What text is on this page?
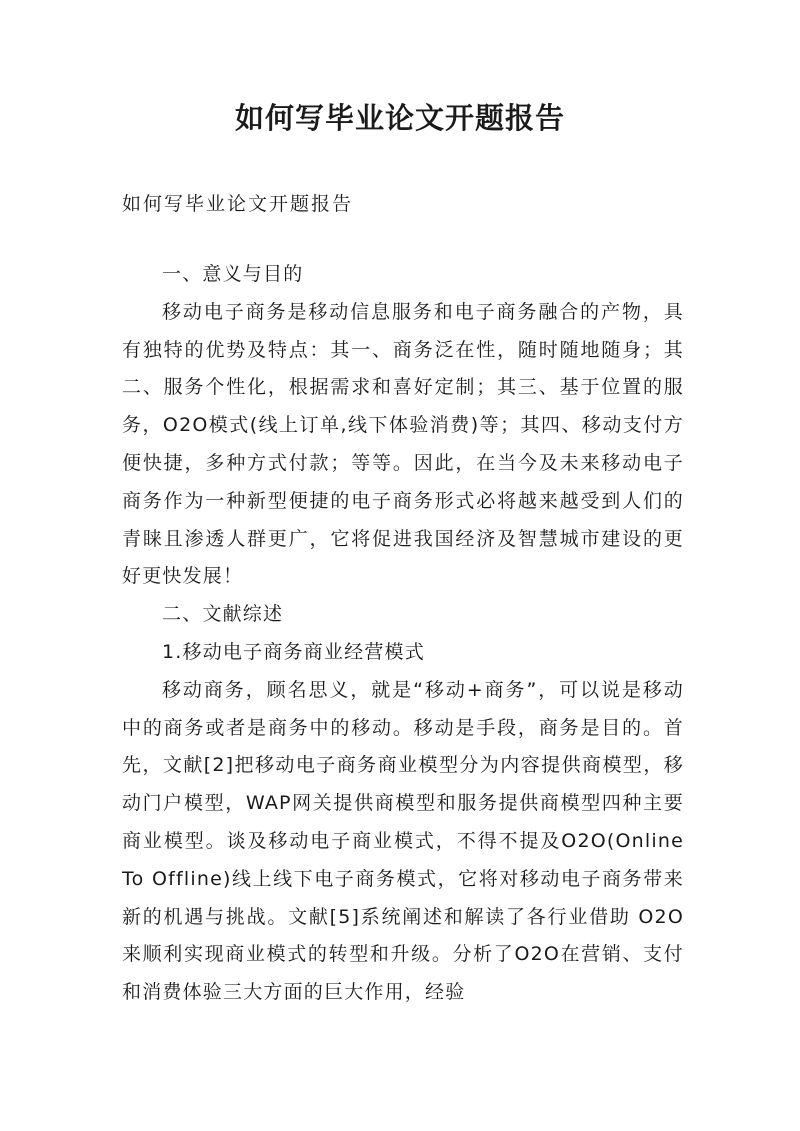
如何写毕业论文开题报告

如何写毕业论文开题报告

一、意义与目的

移动电子商务是移动信息服务和电子商务融合的产物，具有独特的优势及特点：其一、商务泛在性，随时随地随身；其二、服务个性化，根据需求和喜好定制；其三、基于位置的服务，O2O模式(线上订单,线下体验消费)等；其四、移动支付方便快捷，多种方式付款；等等。因此，在当今及未来移动电子商务作为一种新型便捷的电子商务形式必将越来越受到人们的青睐且渗透人群更广，它将促进我国经济及智慧城市建设的更好更快发展！

二、文献综述

1.移动电子商务商业经营模式

移动商务，顾名思义，就是“移动+商务”，可以说是移动中的商务或者是商务中的移动。移动是手段，商务是目的。首先，文献[2]把移动电子商务商业模型分为内容提供商模型，移动门户模型，WAP网关提供商模型和服务提供商模型四种主要商业模型。谈及移动电子商业模式，不得不提及O2O(Online To Offline)线上线下电子商务模式，它将对移动电子商务带来新的机遇与挑战。文献[5]系统阐述和解读了各行业借助 O2O来顺利实现商业模式的转型和升级。分析了O2O在营销、支付和消费体验三大方面的巨大作用，经验
